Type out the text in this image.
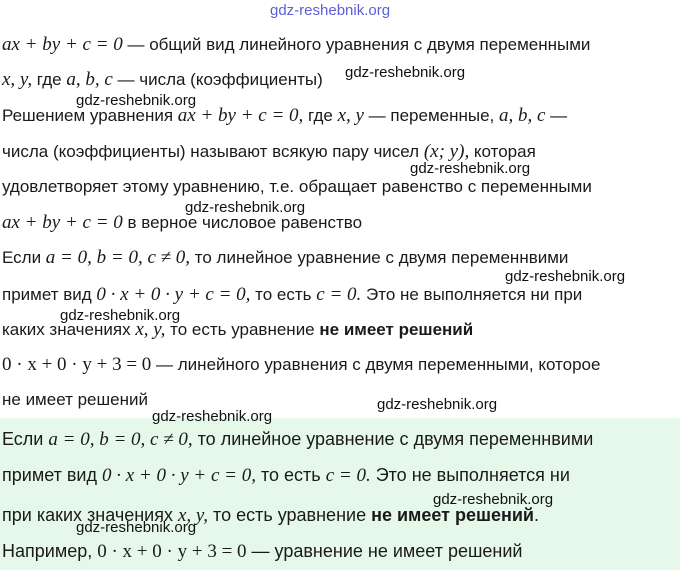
ax + by + c = 0 — общий вид линейного уравнения с двумя переменными
x, y, где a, b, c — числа (коэффициенты)
Решением уравнения ax + by + c = 0, где x, y — переменные, a, b, c —
числа (коэффициенты) называют всякую пару чисел (x; y), которая
удовлетворяет этому уравнению, т.е. обращает равенство с переменными
ax + by + c = 0 в верное числовое равенство
Если a = 0, b = 0, c ≠ 0, то линейное уравнение с двумя переменнвими
примет вид 0 · x + 0 · y + c = 0, то есть c = 0. Это не выполняется ни при
каких значениях x, y, то есть уравнение не имеет решений
0 · x + 0 · y + 3 = 0 — линейного уравнения с двумя переменными, которое
не имеет решений
Если a = 0, b = 0, c ≠ 0, то линейное уравнение с двумя переменнвими
примет вид 0 · x + 0 · y + c = 0, то есть c = 0. Это не выполняется ни
при каких значениях x, y, то есть уравнение не имеет решений.
Например, 0 · x + 0 · y + 3 = 0 — уравнение не имеет решений
gdz-reshebnik.org
gdz-reshebnik.org
gdz-reshebnik.org
gdz-reshebnik.org
gdz-reshebnik.org
gdz-reshebnik.org
gdz-reshebnik.org
gdz-reshebnik.org
gdz-reshebnik.org
gdz-reshebnik.org
gdz-reshebnik.org
